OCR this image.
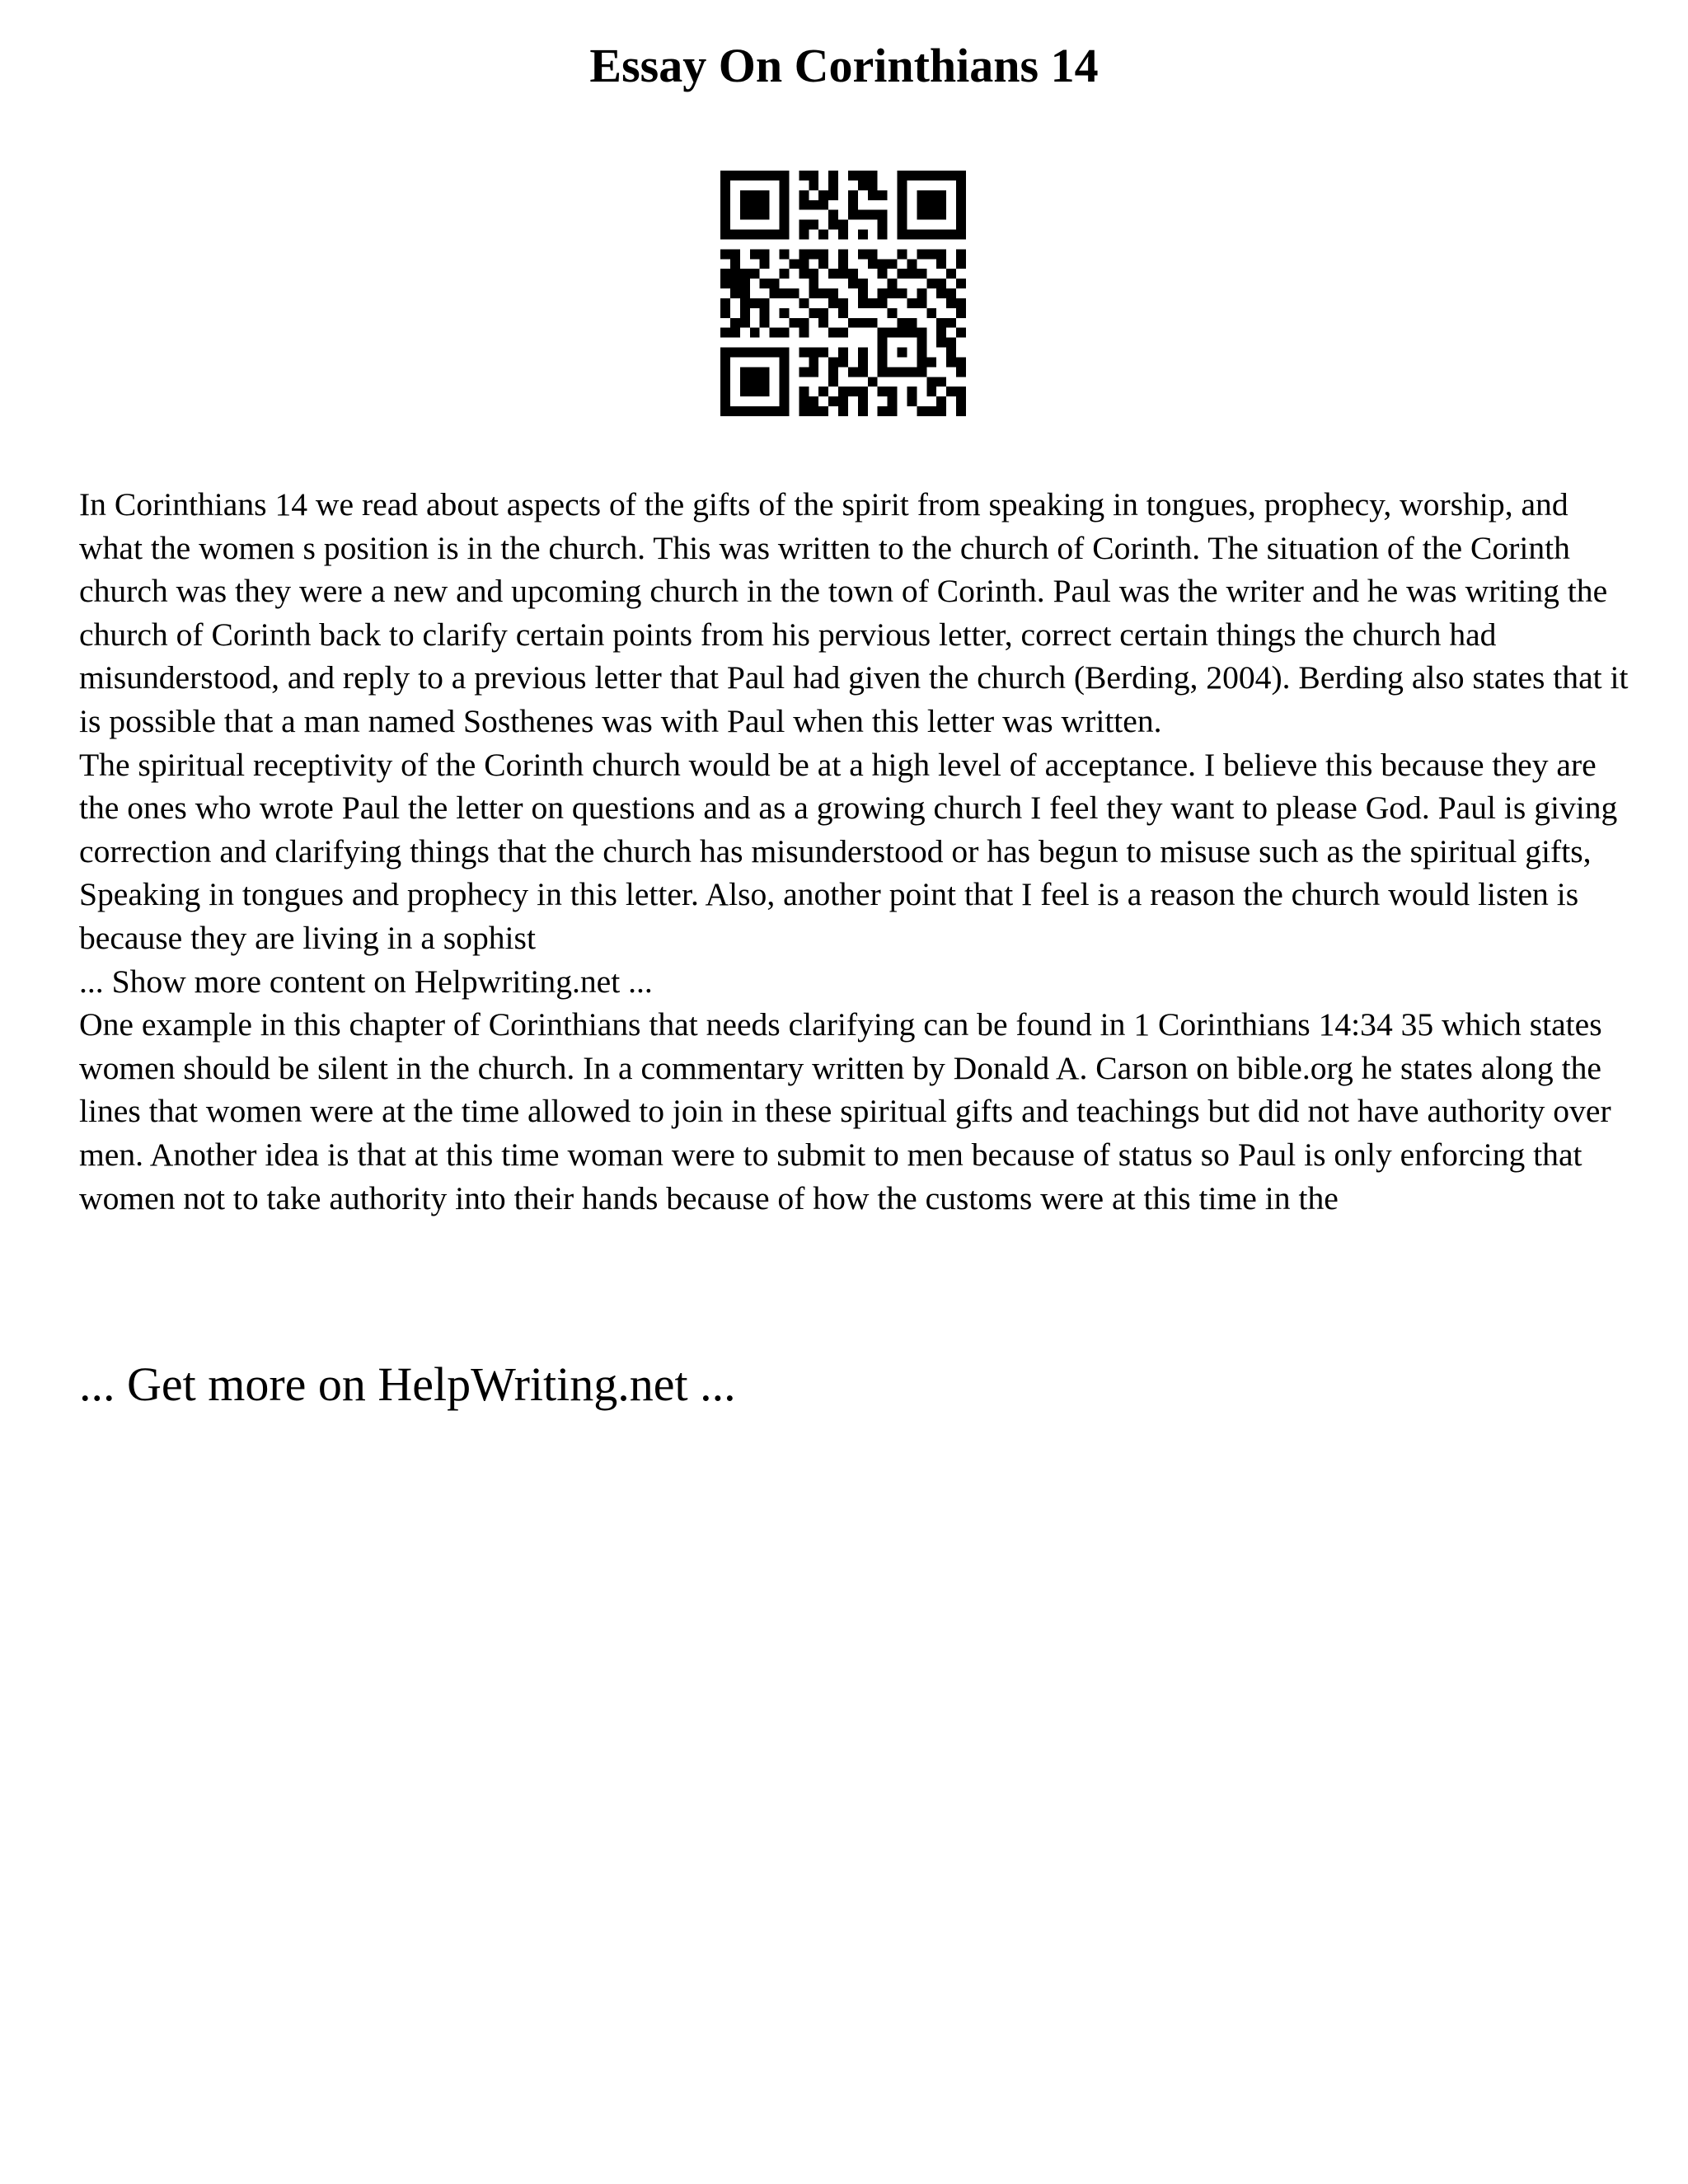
Essay On Corinthians 14

In Corinthians 14 we read about aspects of the gifts of the spirit from speaking in tongues, prophecy, worship, and what the women s position is in the church. This was written to the church of Corinth. The situation of the Corinth church was they were a new and upcoming church in the town of Corinth. Paul was the writer and he was writing the church of Corinth back to clarify certain points from his pervious letter, correct certain things the church had misunderstood, and reply to a previous letter that Paul had given the church (Berding, 2004). Berding also states that it is possible that a man named Sosthenes was with Paul when this letter was written.

The spiritual receptivity of the Corinth church would be at a high level of acceptance. I believe this because they are the ones who wrote Paul the letter on questions and as a growing church I feel they want to please God. Paul is giving correction and clarifying things that the church has misunderstood or has begun to misuse such as the spiritual gifts, Speaking in tongues and prophecy in this letter. Also, another point that I feel is a reason the church would listen is because they are living in a sophist

... Show more content on Helpwriting.net ...

One example in this chapter of Corinthians that needs clarifying can be found in 1 Corinthians 14:34 35 which states women should be silent in the church. In a commentary written by Donald A. Carson on bible.org he states along the lines that women were at the time allowed to join in these spiritual gifts and teachings but did not have authority over men. Another idea is that at this time woman were to submit to men because of status so Paul is only enforcing that women not to take authority into their hands because of how the customs were at this time in the

... Get more on HelpWriting.net ...
